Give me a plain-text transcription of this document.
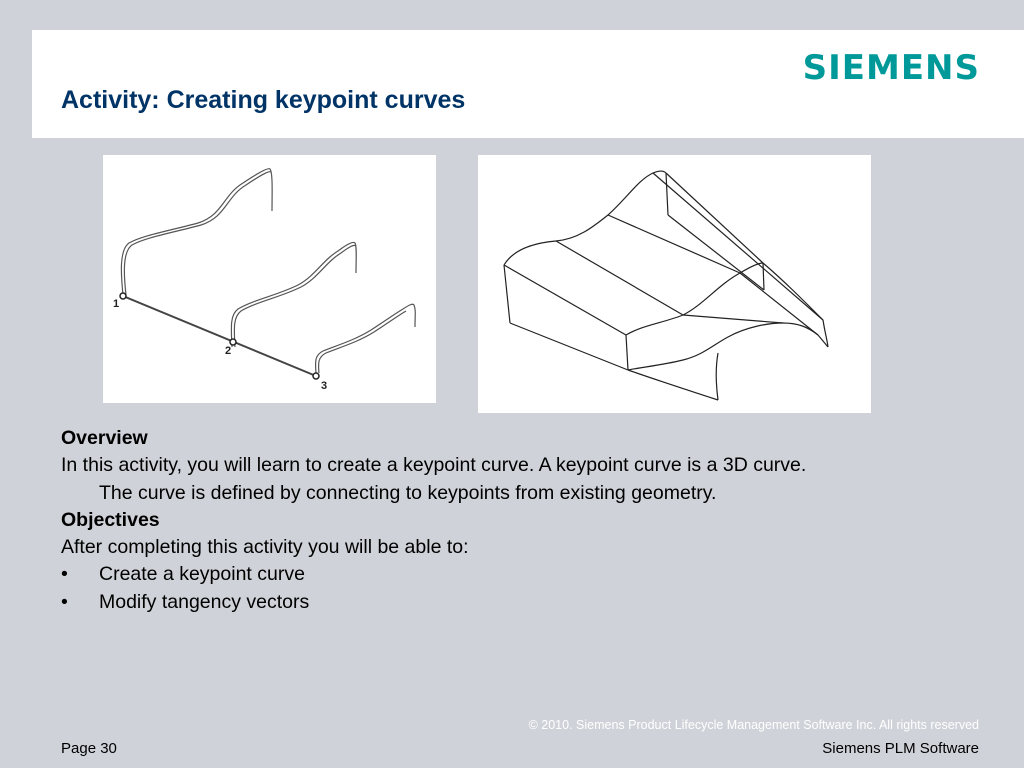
SIEMENS
Activity: Creating keypoint curves
1
2
3
Overview
In this activity, you will learn to create a keypoint curve. A keypoint curve is a 3D curve.
The curve is defined by connecting to keypoints from existing geometry.
Objectives
After completing this activity you will be able to:
•	Create a keypoint curve
•	Modify tangency vectors
© 2010. Siemens Product Lifecycle Management Software Inc. All rights reserved
Page 30	Siemens PLM Software
